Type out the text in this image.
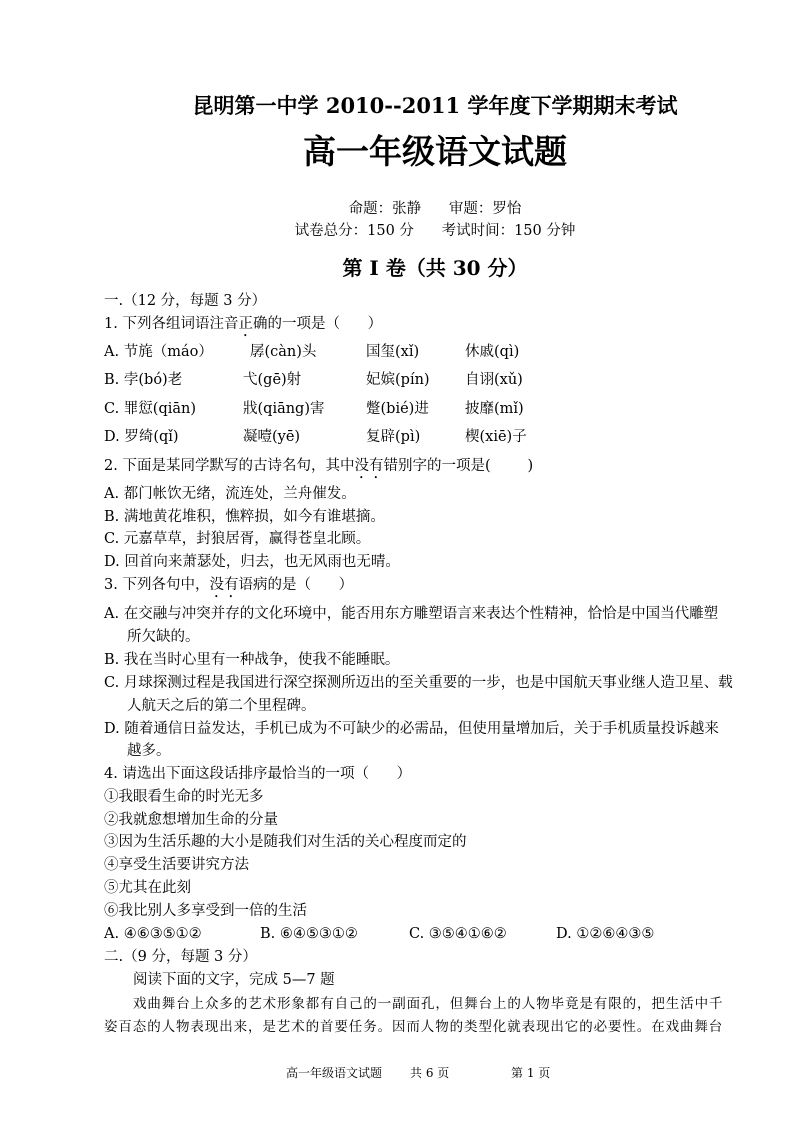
昆明第一中学 2010--2011 学年度下学期期末考试
高一年级语文试题
命题：张静      审题：罗怡
试卷总分：150 分      考试时间：150 分钟
第 I 卷（共 30 分）
一.（12 分，每题 3 分）
1. 下列各组词语注音正确的一项是（      ）
A. 节旄（máo）	孱(càn)头	国玺(xǐ)	休戚(qì)
B. 孛(bó)老	弋(gē)射	妃嫔(pín) 自诩(xǔ)
C. 罪愆(qiān)	戕(qiāng)害	蹩(bié)进 披靡(mǐ)
D. 罗绮(qǐ)	凝噎(yē)	复辟(pì)	楔(xiē)子
2. 下面是某同学默写的古诗名句，其中没有错别字的一项是(        )
A. 都门帐饮无绪，流连处，兰舟催发。
B. 满地黄花堆积，憔粹损，如今有谁堪摘。
C. 元嘉草草，封狼居胥，赢得苍皇北顾。
D. 回首向来萧瑟处，归去，也无风雨也无晴。
3. 下列各句中，没有语病的是（      ）
A. 在交融与冲突并存的文化环境中，能否用东方雕塑语言来表达个性精神，恰恰是中国当代雕塑
所欠缺的。
B. 我在当时心里有一种战争，使我不能睡眠。
C. 月球探测过程是我国进行深空探测所迈出的至关重要的一步，也是中国航天事业继人造卫星、载
人航天之后的第二个里程碑。
D. 随着通信日益发达，手机已成为不可缺少的必需品，但使用量增加后，关于手机质量投诉越来
越多。
4. 请选出下面这段话排序最恰当的一项（      ）
①我眼看生命的时光无多
②我就愈想增加生命的分量
③因为生活乐趣的大小是随我们对生活的关心程度而定的
④享受生活要讲究方法
⑤尤其在此刻
⑥我比别人多享受到一倍的生活
A. ④⑥③⑤①②	B. ⑥④⑤③①②	C. ③⑤④①⑥②	D. ①②⑥④③⑤
二.（9 分，每题 3 分）
阅读下面的文字，完成 5—7 题
戏曲舞台上众多的艺术形象都有自己的一副面孔，但舞台上的人物毕竟是有限的，把生活中千
姿百态的人物表现出来，是艺术的首要任务。因而人物的类型化就表现出它的必要性。在戏曲舞台
高一年级语文试题 共 6 页	第 1 页
